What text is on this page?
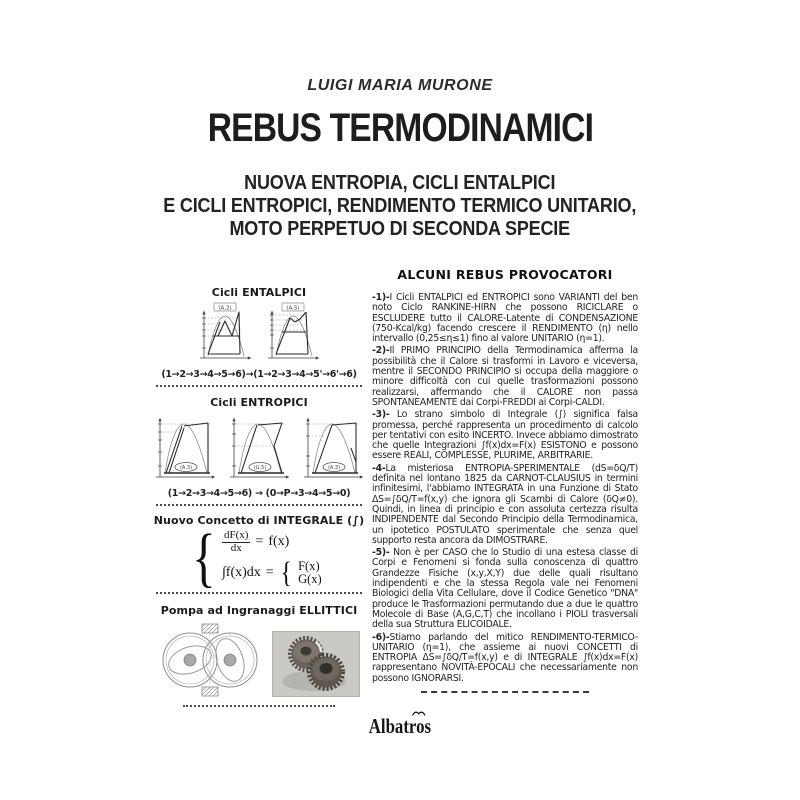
LUIGI MARIA MURONE
REBUS TERMODINAMICI
NUOVA ENTROPIA, CICLI ENTALPICI
E CICLI ENTROPICI, RENDIMENTO TERMICO UNITARIO,
MOTO PERPETUO DI SECONDA SPECIE
Cicli ENTALPICI
(A,2)	(A,5)
(1→2→3→4→5→6)→(1→2→3→4→5'→6'→6)
Cicli ENTROPICI
(A,3)	(G,5)	(A,3)
(1→2→3→4→5→6) → (0→P→3→4→5→0)
Nuovo Concetto di INTEGRALE (∫)
{ $\frac{dF(x)}{dx} = f(x)$
∫f(x)dx = { F(x)
G(x)
Pompa ad Ingranaggi ELLITTICI
ALCUNI REBUS PROVOCATORI

-1)-I Cicli ENTALPICI ed ENTROPICI sono VARIANTI del ben noto Ciclo RANKINE-HIRN che possono RICICLARE o ESCLUDERE tutto il CALORE-Latente di CONDENSAZIONE (750-Kcal/kg) facendo crescere il RENDIMENTO (η) nello intervallo (0,25≤η≤1) fino al valore UNITARIO (η=1).

-2)-Il PRIMO PRINCIPIO della Termodinamica afferma la possibilità che il Calore si trasformi in Lavoro e viceversa, mentre il SECONDO PRINCIPIO si occupa della maggiore o minore difficoltà con cui quelle trasformazioni possono realizzarsi, affermando che il CALORE non passa SPONTANEAMENTE dai Corpi-FREDDI ai Corpi-CALDI.

-3)- Lo strano simbolo di Integrale (∫) significa falsa promessa, perché rappresenta un procedimento di calcolo per tentativi con esito INCERTO. Invece abbiamo dimostrato che quelle Integrazioni ∫f(x)dx=F(x) ESISTONO e possono essere REALI, COMPLESSE, PLURIME, ARBITRARIE.

-4-La misteriosa ENTROPIA-SPERIMENTALE (dS=δQ/T) definita nel lontano 1825 da CARNOT-CLAUSIUS in termini infinitesimi, l'abbiamo INTEGRATA in una Funzione di Stato ΔS=∫δQ/T=f(x,y) che ignora gli Scambi di Calore (δQ≠0). Quindi, in linea di principio e con assoluta certezza risulta INDIPENDENTE dal Secondo Principio della Termodinamica, un ipotetico POSTULATO sperimentale che senza quel supporto resta ancora da DIMOSTRARE.

-5)- Non è per CASO che lo Studio di una estesa classe di Corpi e Fenomeni si fonda sulla conoscenza di quattro Grandezze Fisiche (x,y,X,Y) due delle quali risultano indipendenti e che la stessa Regola vale nei Fenomeni Biologici della Vita Cellulare, dove il Codice Genetico "DNA" produce le Trasformazioni permutando due a due le quattro Molecole di Base (A,G,C,T) che incollano i PIOLI trasversali della sua Struttura ELICOIDALE.

-6)-Stiamo parlando del mitico RENDIMENTO-TERMICO-UNITARIO (η=1), che assieme ai nuovi CONCETTI di ENTROPIA ΔS=∫δQ/T=f(x,y) e di INTEGRALE ∫f(x)dx=F(x) rappresentano NOVITÀ-EPOCALI che necessariamente non possono IGNORARSI.

Albatros
